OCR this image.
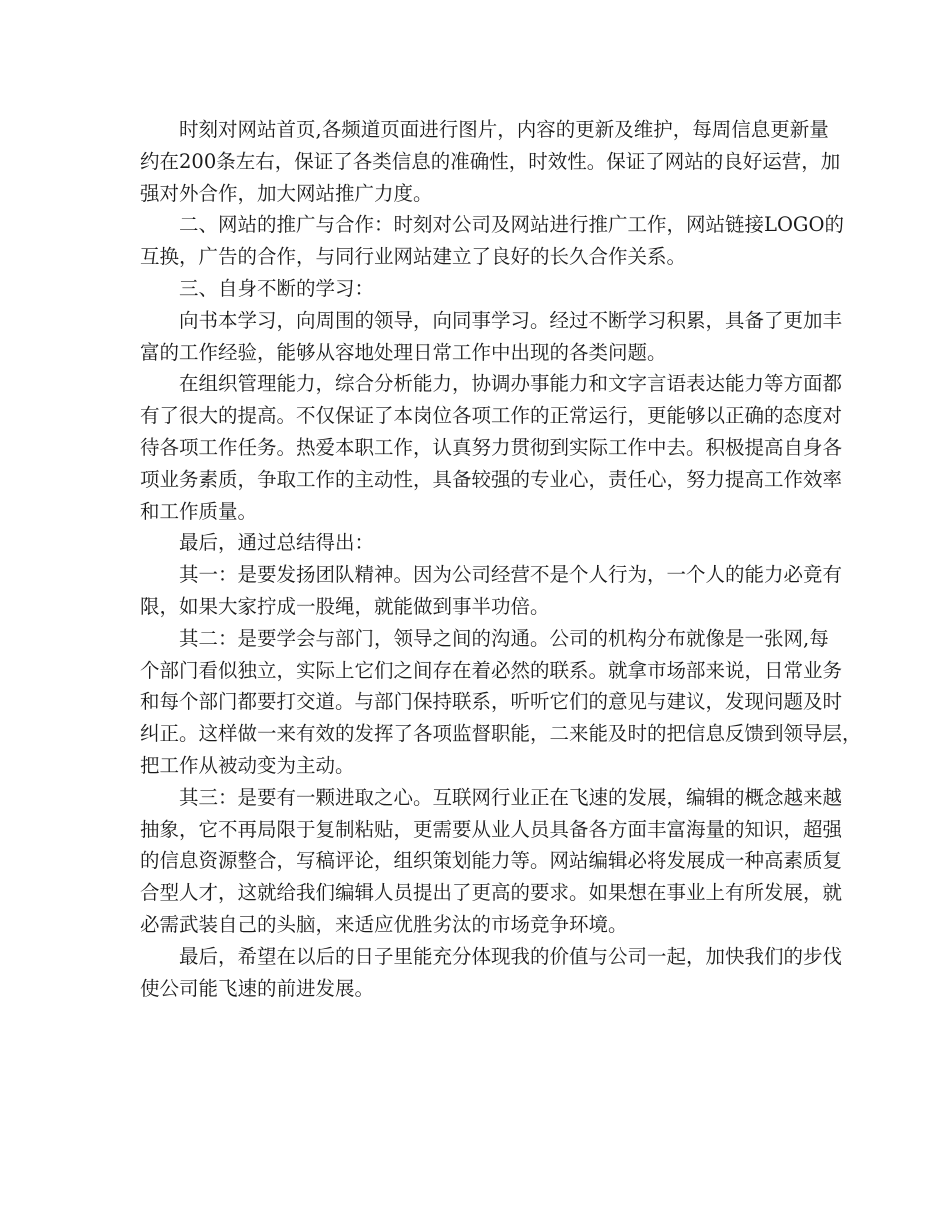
时刻对网站首页,各频道页面进行图片，内容的更新及维护，每周信息更新量
约在200条左右，保证了各类信息的准确性，时效性。保证了网站的良好运营，加
强对外合作，加大网站推广力度。

二、网站的推广与合作：时刻对公司及网站进行推广工作，网站链接LOGO的
互换，广告的合作，与同行业网站建立了良好的长久合作关系。

三、自身不断的学习：

向书本学习，向周围的领导，向同事学习。经过不断学习积累，具备了更加丰
富的工作经验，能够从容地处理日常工作中出现的各类问题。

在组织管理能力，综合分析能力，协调办事能力和文字言语表达能力等方面都
有了很大的提高。不仅保证了本岗位各项工作的正常运行，更能够以正确的态度对
待各项工作任务。热爱本职工作，认真努力贯彻到实际工作中去。积极提高自身各
项业务素质，争取工作的主动性，具备较强的专业心，责任心，努力提高工作效率
和工作质量。

最后，通过总结得出：

其一：是要发扬团队精神。因为公司经营不是个人行为，一个人的能力必竟有
限，如果大家拧成一股绳，就能做到事半功倍。

其二：是要学会与部门，领导之间的沟通。公司的机构分布就像是一张网,每
个部门看似独立，实际上它们之间存在着必然的联系。就拿市场部来说，日常业务
和每个部门都要打交道。与部门保持联系，听听它们的意见与建议，发现问题及时
纠正。这样做一来有效的发挥了各项监督职能，二来能及时的把信息反馈到领导层，
把工作从被动变为主动。

其三：是要有一颗进取之心。互联网行业正在飞速的发展，编辑的概念越来越
抽象，它不再局限于复制粘贴，更需要从业人员具备各方面丰富海量的知识，超强
的信息资源整合，写稿评论，组织策划能力等。网站编辑必将发展成一种高素质复
合型人才，这就给我们编辑人员提出了更高的要求。如果想在事业上有所发展，就
必需武装自己的头脑，来适应优胜劣汰的市场竞争环境。

最后，希望在以后的日子里能充分体现我的价值与公司一起，加快我们的步伐
使公司能飞速的前进发展。
